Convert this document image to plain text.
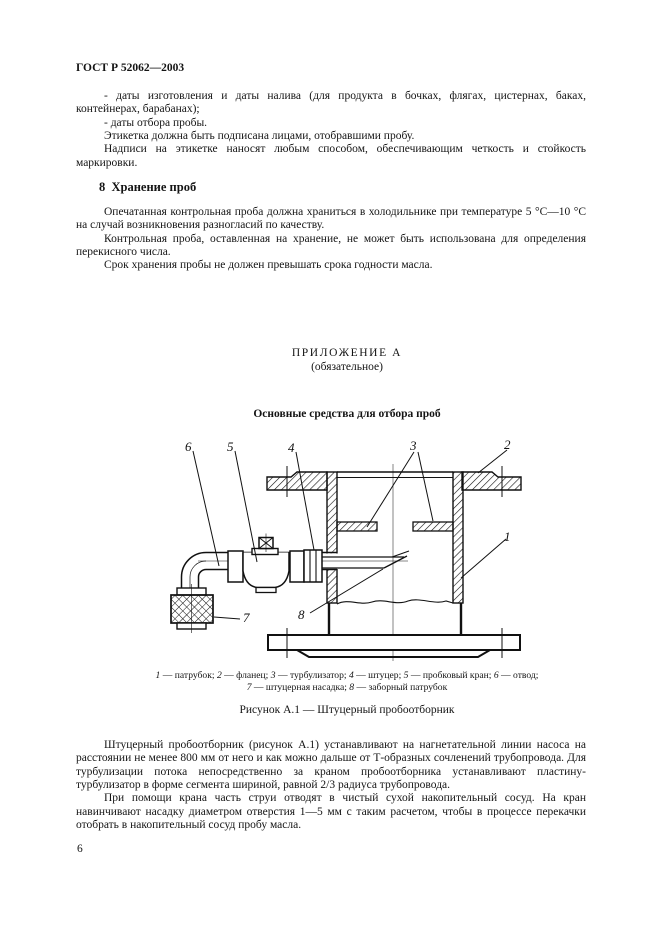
ГОСТ Р 52062—2003

- даты изготовления и даты налива (для продукта в бочках, флягах, цистернах, баках, контейнерах, барабанах);

- даты отбора пробы.

Этикетка должна быть подписана лицами, отобравшими пробу.

Надписи на этикетке наносят любым способом, обеспечивающим четкость и стойкость маркировки.

8  Хранение проб

Опечатанная контрольная проба должна храниться в холодильнике при температуре 5 °С—10 °С на случай возникновения разногласий по качеству.

Контрольная проба, оставленная на хранение, не может быть использована для определения перекисного числа.

Срок хранения пробы не должен превышать срока годности масла.

ПРИЛОЖЕНИЕ А
(обязательное)
Основные средства для отбора проб
6	5	4	3	2
1
7	8
1 — патрубок; 2 — фланец; 3 — турбулизатор; 4 — штуцер; 5 — пробковый кран; 6 — отвод;
7 — штуцерная насадка; 8 — заборный патрубок
Рисунок А.1 — Штуцерный пробоотборник

Штуцерный пробоотборник (рисунок А.1) устанавливают на нагнетательной линии насоса на расстоянии не менее 800 мм от него и как можно дальше от Т-образных сочленений трубопровода. Для турбулизации потока непосредственно за краном пробоотборника устанавливают пластину-турбулизатор в форме сегмента шириной, равной 2/3 радиуса трубопровода.

При помощи крана часть струи отводят в чистый сухой накопительный сосуд. На кран навинчивают насадку диаметром отверстия 1—5 мм с таким расчетом, чтобы в процессе перекачки отобрать в накопительный сосуд пробу масла.

6
